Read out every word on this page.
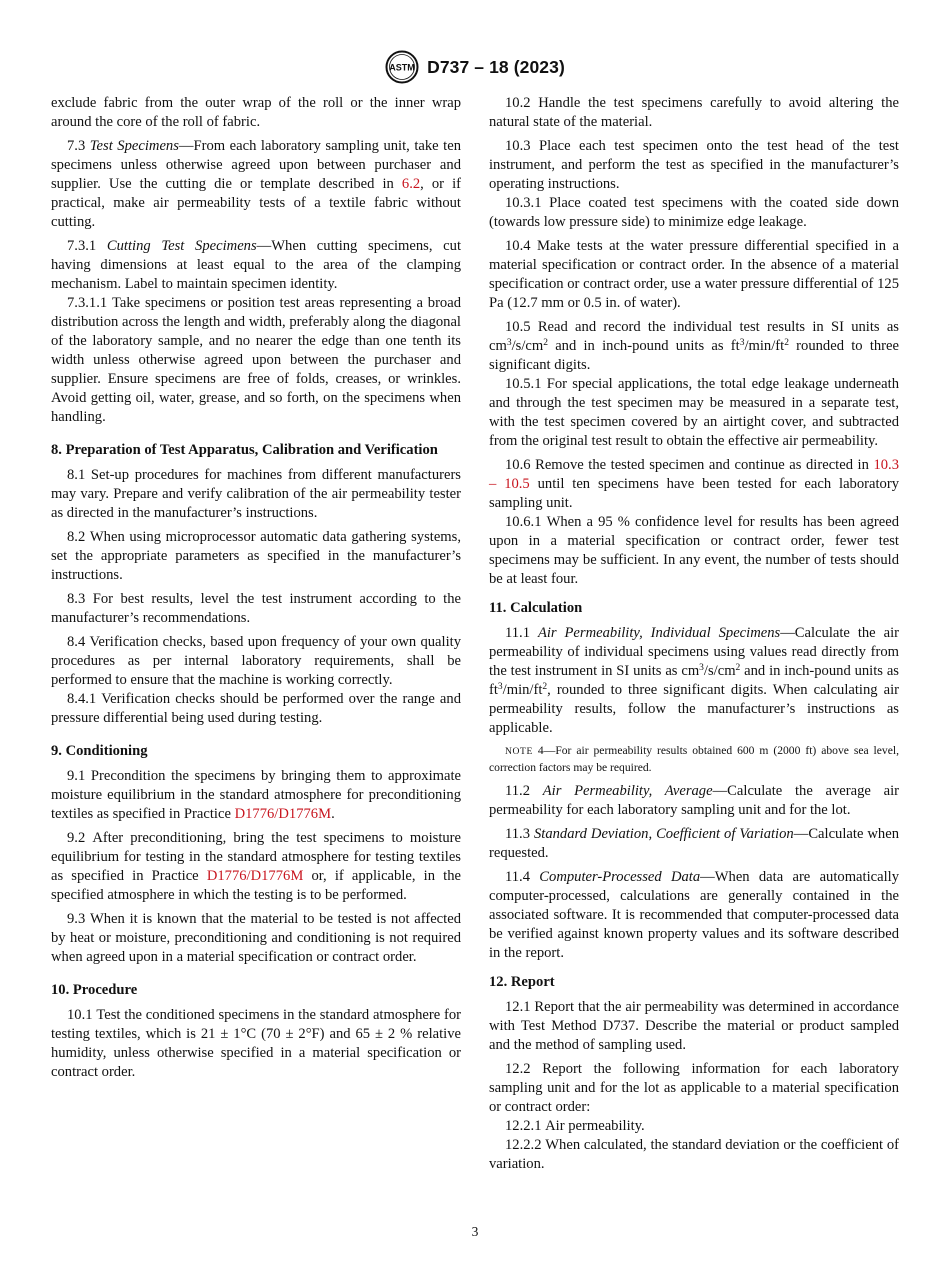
ASTM D737 – 18 (2023)

exclude fabric from the outer wrap of the roll or the inner wrap around the core of the roll of fabric.

7.3 Test Specimens—From each laboratory sampling unit, take ten specimens unless otherwise agreed upon between purchaser and supplier. Use the cutting die or template described in 6.2, or if practical, make air permeability tests of a textile fabric without cutting.

7.3.1 Cutting Test Specimens—When cutting specimens, cut having dimensions at least equal to the area of the clamping mechanism. Label to maintain specimen identity.

7.3.1.1 Take specimens or position test areas representing a broad distribution across the length and width, preferably along the diagonal of the laboratory sample, and no nearer the edge than one tenth its width unless otherwise agreed upon between the purchaser and supplier. Ensure specimens are free of folds, creases, or wrinkles. Avoid getting oil, water, grease, and so forth, on the specimens when handling.

8. Preparation of Test Apparatus, Calibration and Verification

8.1 Set-up procedures for machines from different manufacturers may vary. Prepare and verify calibration of the air permeability tester as directed in the manufacturer’s instructions.

8.2 When using microprocessor automatic data gathering systems, set the appropriate parameters as specified in the manufacturer’s instructions.

8.3 For best results, level the test instrument according to the manufacturer’s recommendations.

8.4 Verification checks, based upon frequency of your own quality procedures as per internal laboratory requirements, shall be performed to ensure that the machine is working correctly.

8.4.1 Verification checks should be performed over the range and pressure differential being used during testing.

9. Conditioning

9.1 Precondition the specimens by bringing them to approximate moisture equilibrium in the standard atmosphere for preconditioning textiles as specified in Practice D1776/D1776M.

9.2 After preconditioning, bring the test specimens to moisture equilibrium for testing in the standard atmosphere for testing textiles as specified in Practice D1776/D1776M or, if applicable, in the specified atmosphere in which the testing is to be performed.

9.3 When it is known that the material to be tested is not affected by heat or moisture, preconditioning and conditioning is not required when agreed upon in a material specification or contract order.

10. Procedure

10.1 Test the conditioned specimens in the standard atmosphere for testing textiles, which is 21 ± 1°C (70 ± 2°F) and 65 ± 2 % relative humidity, unless otherwise specified in a material specification or contract order.

10.2 Handle the test specimens carefully to avoid altering the natural state of the material.

10.3 Place each test specimen onto the test head of the test instrument, and perform the test as specified in the manufacturer’s operating instructions.

10.3.1 Place coated test specimens with the coated side down (towards low pressure side) to minimize edge leakage.

10.4 Make tests at the water pressure differential specified in a material specification or contract order. In the absence of a material specification or contract order, use a water pressure differential of 125 Pa (12.7 mm or 0.5 in. of water).

10.5 Read and record the individual test results in SI units as $cm^3/s/cm^2$ and in inch-pound units as $ft^3/\min/ft^2$ rounded to three significant digits.

10.5.1 For special applications, the total edge leakage underneath and through the test specimen may be measured in a separate test, with the test specimen covered by an airtight cover, and subtracted from the original test result to obtain the effective air permeability.

10.6 Remove the tested specimen and continue as directed in 10.3 – 10.5 until ten specimens have been tested for each laboratory sampling unit.

10.6.1 When a 95 % confidence level for results has been agreed upon in a material specification or contract order, fewer test specimens may be sufficient. In any event, the number of tests should be at least four.

11. Calculation

11.1 Air Permeability, Individual Specimens—Calculate the air permeability of individual specimens using values read directly from the test instrument in SI units as $cm^3/s/cm^2$ and in inch-pound units as $ft^3/\min/ft^2$, rounded to three significant digits. When calculating air permeability results, follow the manufacturer’s instructions as applicable.

NOTE 4—For air permeability results obtained 600 m (2000 ft) above sea level, correction factors may be required.

11.2 Air Permeability, Average—Calculate the average air permeability for each laboratory sampling unit and for the lot.

11.3 Standard Deviation, Coefficient of Variation—Calculate when requested.

11.4 Computer-Processed Data—When data are automatically computer-processed, calculations are generally contained in the associated software. It is recommended that computer-processed data be verified against known property values and its software described in the report.

12. Report

12.1 Report that the air permeability was determined in accordance with Test Method D737. Describe the material or product sampled and the method of sampling used.

12.2 Report the following information for each laboratory sampling unit and for the lot as applicable to a material specification or contract order:

12.2.1 Air permeability.

12.2.2 When calculated, the standard deviation or the coefficient of variation.

3
